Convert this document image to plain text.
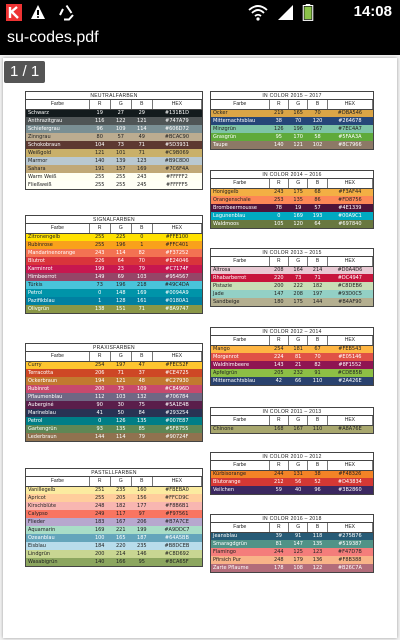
14:08
su-codes.pdf
NEUTRALFARBEN
Farbe	R	G	B	HEX
Schwarz	19	27	29	#131B1D
Anthrazitgrau	116	122	121	#747A79
Schiefergrau	96	109	114	#606D72
Zinngrau	80	57	49	#BCAC90
Schokobraun	104	73	71	#5D3931
Weißgold	121	101	71	#C9B069
Marmor	140	139	123	#B9C8D0
Sahara	191	157	169	#7C6F4A
Warm Weiß	255	255	243	#FFFFF2
Fließweiß	255	255	245	#FFFFF5
SIGNALFARBEN
Farbe	R	G	B	HEX
Zitronengelb	255	225	0	#FFE100
Rubinrose	255	196	1	#FFC401
Mandarinenorange	243	114	82	#F37252
Blutrot	226	64	70	#E24046
Karminrot	199	23	79	#C7174F
Himbeerrot	149	69	103	#954567
Türkis	73	196	218	#49C4DA
Petrol	0	148	169	#0094A9
Pazifikblau	1	128	161	#0180A1
Olivgrün	138	151	71	#8A9747
PRAXISFARBEN
Farbe	R	G	B	HEX
Curry	254	197	47	#FEC52F
Terracotta	206	71	37	#CE4725
Ockerbraun	194	121	48	#C27930
Rubinrot	200	73	109	#C8496D
Pflaumenblau	112	103	132	#706784
Auberginé	90	30	75	#5A1E4B
Marineblau	41	50	84	#293254
Petrol	0	126	135	#007E87
Gartengrün	93	135	85	#5F8755
Lederbraun	144	114	79	#90724F
PASTELLFARBEN
Farbe	R	G	B	HEX
Vanillegelb	251	235	160	#FBEBA0
Apricot	255	205	156	#FFCD9C
Kirschblüte	248	182	177	#F8B6B1
Calypso	249	117	97	#F97561
Flieder	183	167	206	#B7A7CE
Aquamarin	169	221	199	#A9DDC7
Ozeanblau	100	165	187	#64A5BB
Eisblau	184	220	235	#B8DCEB
Lindgrün	200	214	146	#C8D692
Wasabigrün	140	166	95	#8CA65F
IN COLOR 2015 – 2017
Farbe	R	G	B	HEX
Ocker	219	165	70	#DBA546
Mitternachtsblau	38	70	120	#264678
Minzgrün	126	196	167	#7EC4A7
Grasgrün	95	170	58	#5FAA3A
Taupe	140	121	102	#8C7966
IN COLOR 2014 – 2016
Farbe	R	G	B	HEX
Honiggelb	243	175	68	#F3AF44
Orangenschale	253	135	86	#FD8756
Brombeermousse	78	19	57	#4E1339
Lagunenblau	0	169	193	#00A9C1
Waldmoos	105	120	64	#697840
IN COLOR 2013 – 2015
Farbe	R	G	B	HEX
Altrosa	208	164	214	#D0A4D6
Rhabarberrot	220	73	71	#DC4947
Pistazie	200	222	182	#C8DEB6
Jade	147	208	197	#93D0C5
Sandbeige	180	175	144	#B4AF90
IN COLOR 2012 – 2014
Farbe	R	G	B	HEX
Mango	254	181	67	#FEB543
Morgenrot	224	81	70	#E05146
Waldhimbeere	143	21	82	#8F1552
Apfelgrün	205	232	91	#CDE85B
Mitternachtsblau	42	66	110	#2A426E
IN COLOR 2011 – 2013
Farbe	R	G	B	HEX
Chinone	168	167	110	#A8A76E
IN COLOR 2010 – 2012
Farbe	R	G	B	HEX
Kürbisorange	244	131	38	#F48326
Blutorange	212	56	52	#D43834
Veilchen	59	40	96	#3B2860
IN COLOR 2016 – 2018
Farbe	R	G	B	HEX
Jeansblau	39	91	118	#275B76
Smaragdgrün	81	147	135	#519387
Flamingo	244	125	123	#F47D7B
Pfirsich Pur	248	179	136	#F8B388
Zarte Pflaume	178	108	122	#B26C7A
1 / 1
